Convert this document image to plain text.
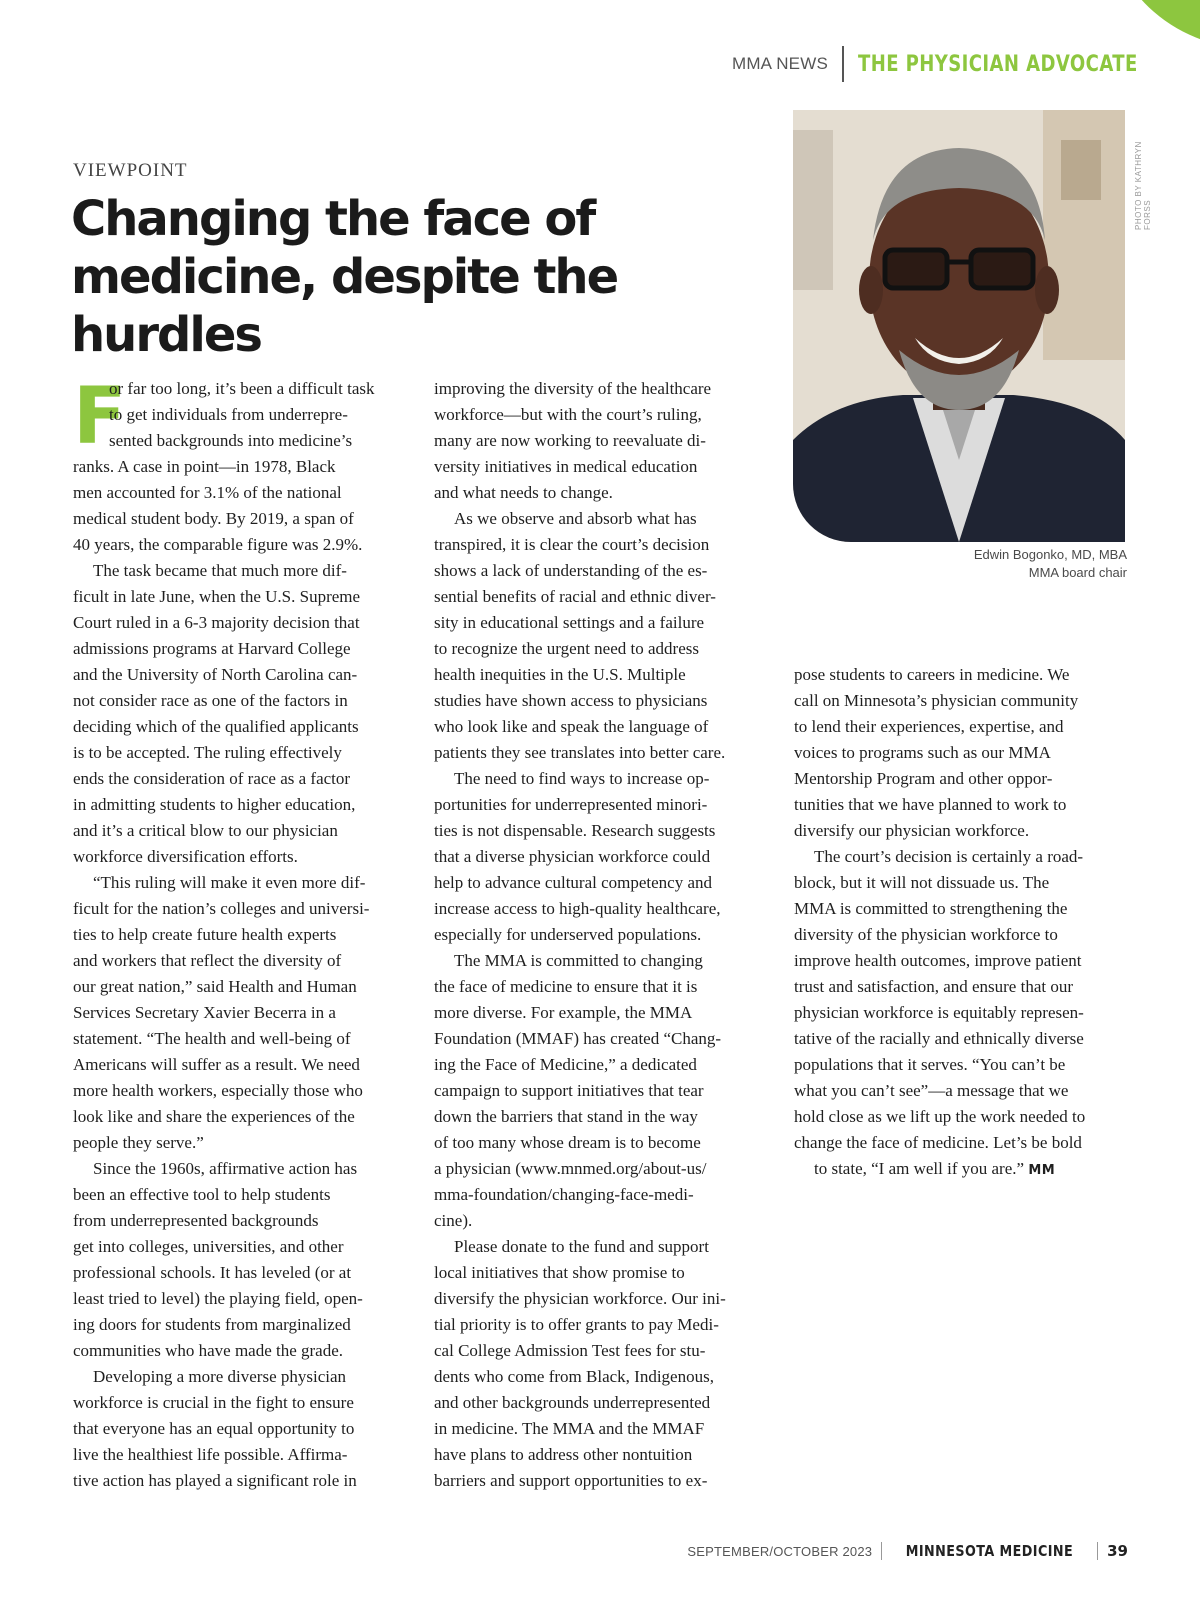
MMA NEWS THE PHYSICIAN ADVOCATE
VIEWPOINT
Changing the face of
medicine, despite the
hurdles
F
or far too long, it’s been a difficult task
to get individuals from underrepre-
sented backgrounds into medicine’s

ranks. A case in point—in 1978, Black
men accounted for 3.1% of the national
medical student body. By 2019, a span of
40 years, the comparable figure was 2.9%.

The task became that much more dif-
ficult in late June, when the U.S. Supreme
Court ruled in a 6-3 majority decision that
admissions programs at Harvard College
and the University of North Carolina can-
not consider race as one of the factors in
deciding which of the qualified applicants
is to be accepted. The ruling effectively
ends the consideration of race as a factor
in admitting students to higher education,
and it’s a critical blow to our physician
workforce diversification efforts.

“This ruling will make it even more dif-
ficult for the nation’s colleges and universi-
ties to help create future health experts
and workers that reflect the diversity of
our great nation,” said Health and Human
Services Secretary Xavier Becerra in a
statement. “The health and well-being of
Americans will suffer as a result. We need
more health workers, especially those who
look like and share the experiences of the
people they serve.”

Since the 1960s, affirmative action has
been an effective tool to help students
from underrepresented backgrounds
get into colleges, universities, and other
professional schools. It has leveled (or at
least tried to level) the playing field, open-
ing doors for students from marginalized
communities who have made the grade.

Developing a more diverse physician
workforce is crucial in the fight to ensure
that everyone has an equal opportunity to
live the healthiest life possible. Affirma-
tive action has played a significant role in

improving the diversity of the healthcare
workforce—but with the court’s ruling,
many are now working to reevaluate di-
versity initiatives in medical education
and what needs to change.

As we observe and absorb what has
transpired, it is clear the court’s decision
shows a lack of understanding of the es-
sential benefits of racial and ethnic diver-
sity in educational settings and a failure
to recognize the urgent need to address
health inequities in the U.S. Multiple
studies have shown access to physicians
who look like and speak the language of
patients they see translates into better care.

The need to find ways to increase op-
portunities for underrepresented minori-
ties is not dispensable. Research suggests
that a diverse physician workforce could
help to advance cultural competency and
increase access to high-quality healthcare,
especially for underserved populations.

The MMA is committed to changing
the face of medicine to ensure that it is
more diverse. For example, the MMA
Foundation (MMAF) has created “Chang-
ing the Face of Medicine,” a dedicated
campaign to support initiatives that tear
down the barriers that stand in the way
of too many whose dream is to become
a physician (www.mnmed.org/about-us/
mma-foundation/changing-face-medi-
cine).

Please donate to the fund and support
local initiatives that show promise to
diversify the physician workforce. Our ini-
tial priority is to offer grants to pay Medi-
cal College Admission Test fees for stu-
dents who come from Black, Indigenous,
and other backgrounds underrepresented
in medicine. The MMA and the MMAF
have plans to address other nontuition
barriers and support opportunities to ex-

PHOTO BY KATHRYN FORSS
Edwin Bogonko, MD, MBA
MMA board chair

pose students to careers in medicine. We
call on Minnesota’s physician community
to lend their experiences, expertise, and
voices to programs such as our MMA
Mentorship Program and other oppor-
tunities that we have planned to work to
diversify our physician workforce.

The court’s decision is certainly a road-
block, but it will not dissuade us. The
MMA is committed to strengthening the
diversity of the physician workforce to
improve health outcomes, improve patient
trust and satisfaction, and ensure that our
physician workforce is equitably represen-
tative of the racially and ethnically diverse
populations that it serves. “You can’t be
what you can’t see”—a message that we
hold close as we lift up the work needed to
change the face of medicine. Let’s be bold
to state, “I am well if you are.” MM

SEPTEMBER/OCTOBER 2023 MINNESOTA MEDICINE 39
